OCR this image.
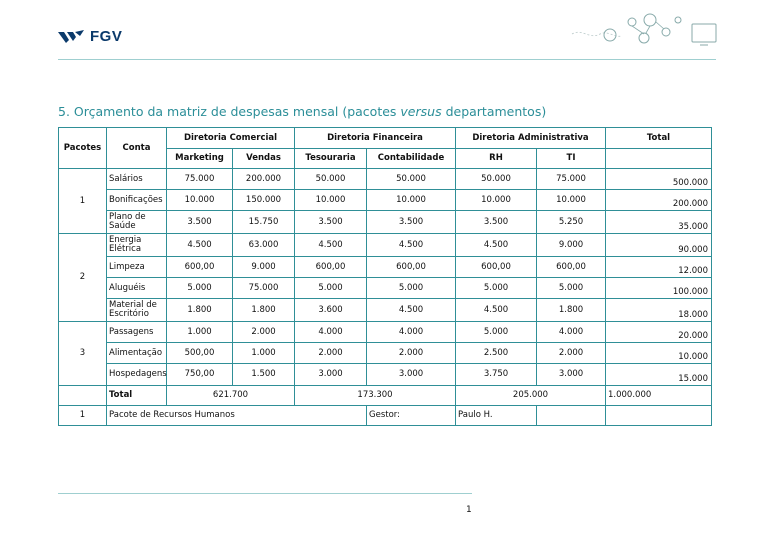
FGV
5. Orçamento da matriz de despesas mensal (pacotes versus departamentos)
Pacotes	Conta	Diretoria Comercial		Diretoria Financeira		Diretoria Administrativa		Total
		Marketing	Vendas	Tesouraria	Contabilidade	RH	TI	
1	Salários	75.000	200.000	50.000	50.000	50.000	75.000	500.000
	Bonificações	10.000	150.000	10.000	10.000	10.000	10.000	200.000
	Plano de Saúde	3.500	15.750	3.500	3.500	3.500	5.250	35.000
2	Energia Elétrica	4.500	63.000	4.500	4.500	4.500	9.000	90.000
	Limpeza	600,00	9.000	600,00	600,00	600,00	600,00	12.000
	Aluguéis	5.000	75.000	5.000	5.000	5.000	5.000	100.000
	Material de Escritório	1.800	1.800	3.600	4.500	4.500	1.800	18.000
3	Passagens	1.000	2.000	4.000	4.000	5.000	4.000	20.000
	Alimentação	500,00	1.000	2.000	2.000	2.500	2.000	10.000
	Hospedagens	750,00	1.500	3.000	3.000	3.750	3.000	15.000
	Total	621.700		173.300		205.000		1.000.000
1	Pacote de Recursos Humanos				Gestor:	Paulo H.		
1
